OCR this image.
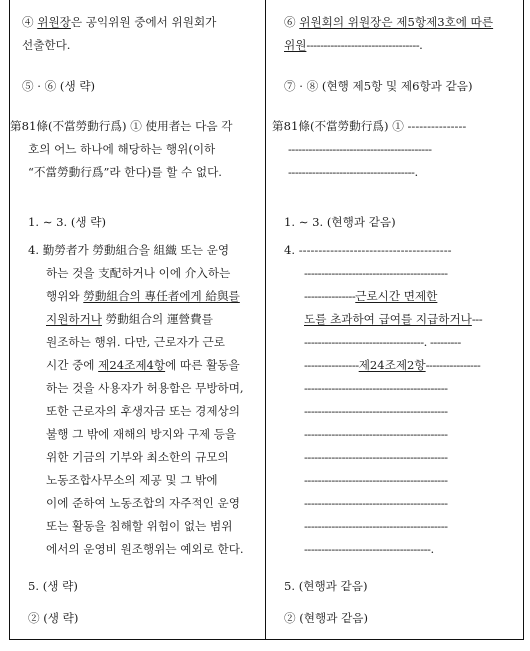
④ 위원장은 공익위원 중에서 위원회가
선출한다.
⑤ · ⑥ (생 략)
第81條(不當勞動行爲) ① 使用者는 다음 각
호의 어느 하나에 해당하는 행위(이하
“不當勞動行爲”라 한다)를 할 수 없다.
1. ∼ 3. (생 략)
4. 勤勞者가 勞動組合을 組織 또는 운영
하는 것을 支配하거나 이에 介入하는
행위와 勞動組合의 專任者에게 給與를
지원하거나 勞動組合의 運營費를
원조하는 행위. 다만, 근로자가 근로
시간 중에 제24조제4항에 따른 활동을
하는 것을 사용자가 허용함은 무방하며,
또한 근로자의 후생자금 또는 경제상의
불행 그 밖에 재해의 방지와 구제 등을
위한 기금의 기부와 최소한의 규모의
노동조합사무소의 제공 및 그 밖에
이에 준하여 노동조합의 자주적인 운영
또는 활동을 침해할 위험이 없는 범위
에서의 운영비 원조행위는 예외로 한다.
5. (생 략)
② (생 략)
⑥ 위원회의 위원장은 제5항제3호에 따른
위원---------------------------------.
⑦ · ⑧ (현행 제5항 및 제6항과 같음)
第81條(不當勞動行爲) ① ---------------
------------------------------------------
-------------------------------------.
1. ∼ 3. (현행과 같음)
4. ---------------------------------------
------------------------------------------
---------------근로시간 면제한
도를 초과하여 급여를 지급하거나---
-----------------------------------. ---------
----------------제24조제2항----------------
------------------------------------------
------------------------------------------
------------------------------------------
------------------------------------------
------------------------------------------
------------------------------------------
------------------------------------------
-------------------------------------.
5. (현행과 같음)
② (현행과 같음)
